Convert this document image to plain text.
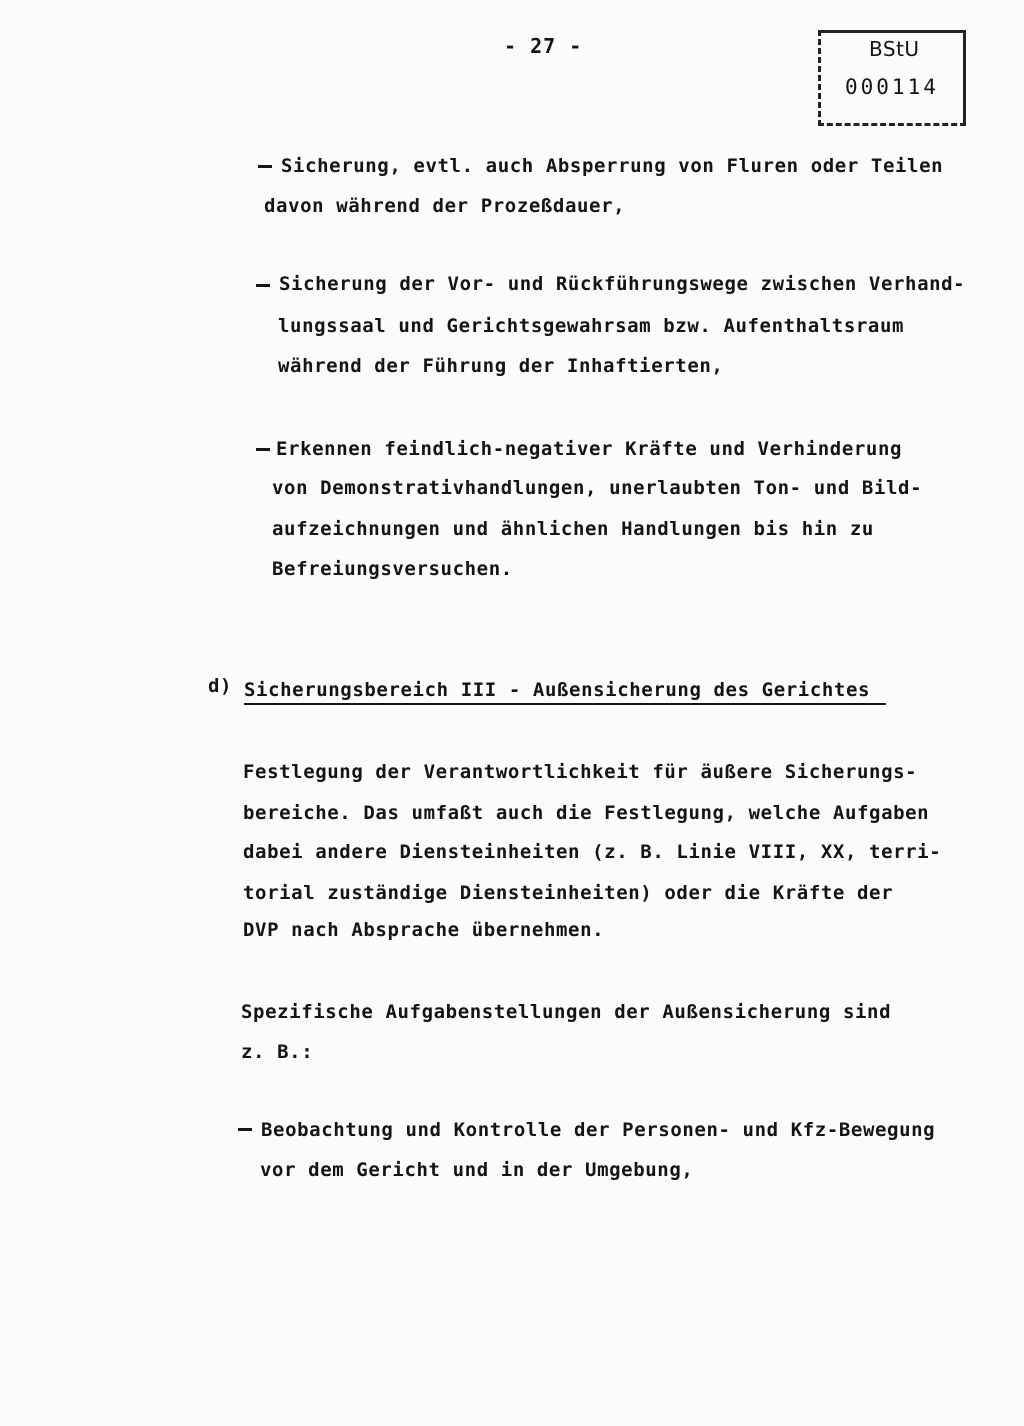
- 27 -	BStU
000114
Sicherung, evtl. auch Absperrung von Fluren oder Teilen
davon während der Prozeßdauer,
Sicherung der Vor- und Rückführungswege zwischen Verhand-
lungssaal und Gerichtsgewahrsam bzw. Aufenthaltsraum
während der Führung der Inhaftierten,
Erkennen feindlich-negativer Kräfte und Verhinderung
von Demonstrativhandlungen, unerlaubten Ton- und Bild-
aufzeichnungen und ähnlichen Handlungen bis hin zu
Befreiungsversuchen.
d) Sicherungsbereich III - Außensicherung des Gerichtes
Festlegung der Verantwortlichkeit für äußere Sicherungs-
bereiche. Das umfaßt auch die Festlegung, welche Aufgaben
dabei andere Diensteinheiten (z. B. Linie VIII, XX, terri-
torial zuständige Diensteinheiten) oder die Kräfte der
DVP nach Absprache übernehmen.
Spezifische Aufgabenstellungen der Außensicherung sind
z. B.:
Beobachtung und Kontrolle der Personen- und Kfz-Bewegung
vor dem Gericht und in der Umgebung,
